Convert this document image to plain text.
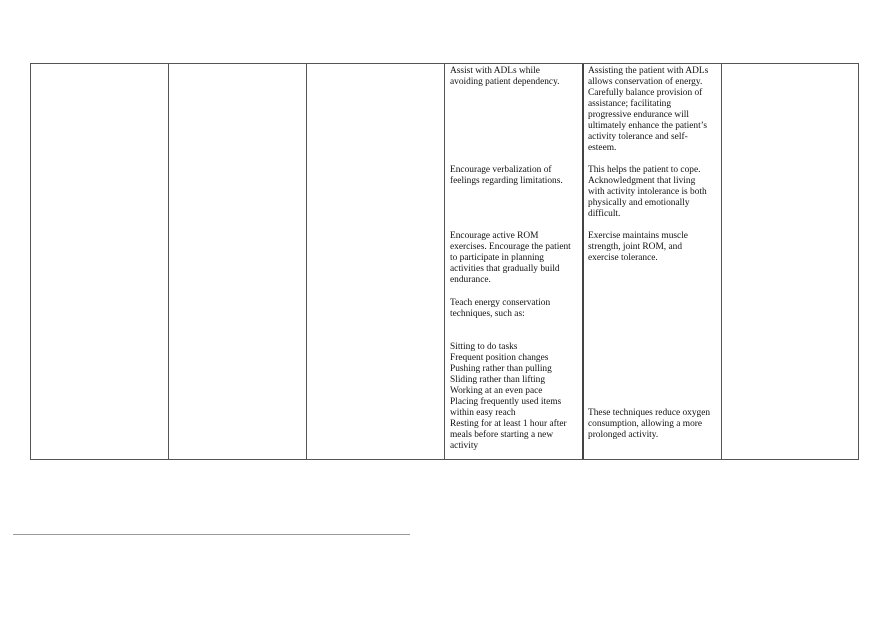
Assist with ADLs while

avoiding patient dependency.

Encourage verbalization of

feelings regarding limitations.

Encourage active ROM

exercises. Encourage the patient

to participate in planning

activities that gradually build

endurance.

Teach energy conservation

techniques, such as:

Sitting to do tasks

Frequent position changes

Pushing rather than pulling

Sliding rather than lifting

Working at an even pace

Placing frequently used items

within easy reach

Resting for at least 1 hour after

meals before starting a new

activity

Assisting the patient with ADLs

allows conservation of energy.

Carefully balance provision of

assistance; facilitating

progressive endurance will

ultimately enhance the patient’s

activity tolerance and self-

esteem.

This helps the patient to cope.

Acknowledgment that living

with activity intolerance is both

physically and emotionally

difficult.

Exercise maintains muscle

strength, joint ROM, and

exercise tolerance.

These techniques reduce oxygen

consumption, allowing a more

prolonged activity.
